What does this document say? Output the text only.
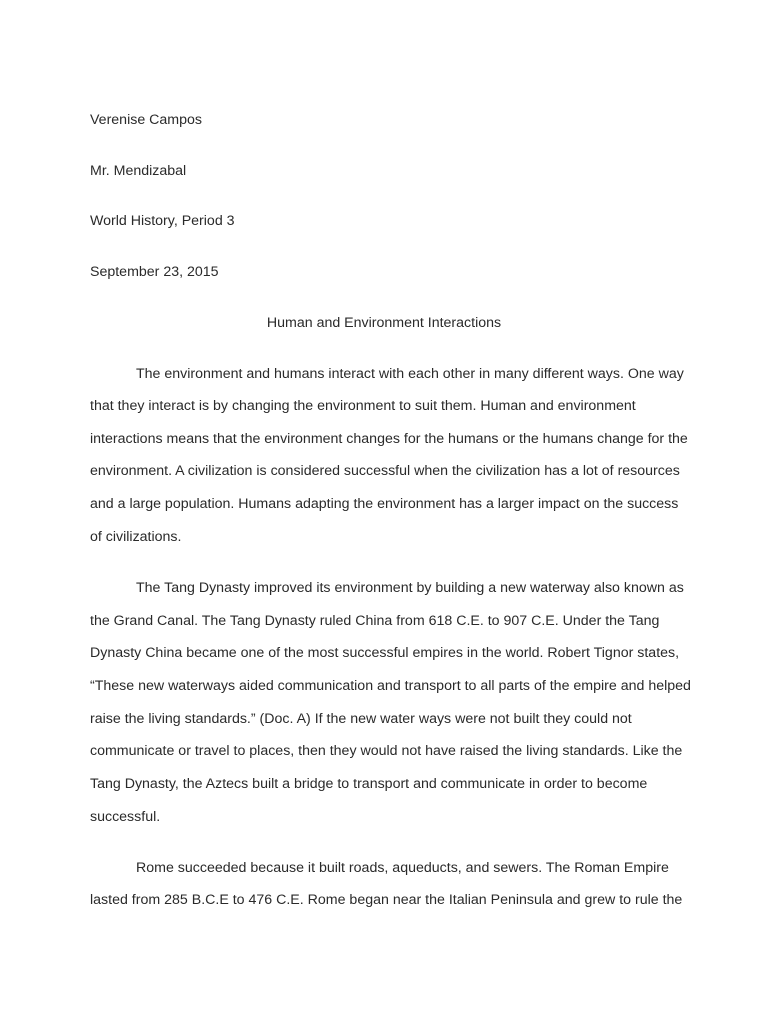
Verenise Campos
Mr. Mendizabal
World History, Period 3
September 23, 2015
Human and Environment Interactions
The environment and humans interact with each other in many different ways. One way
that they interact is by changing the environment to suit them. Human and environment
interactions means that the environment changes for the humans or the humans change for the
environment. A civilization is considered successful when the civilization has a lot of resources
and a large population. Humans adapting the environment has a larger impact on the success
of civilizations.
The Tang Dynasty improved its environment by building a new waterway also known as
the Grand Canal. The Tang Dynasty ruled China from 618 C.E. to 907 C.E. Under the Tang
Dynasty China became one of the most successful empires in the world. Robert Tignor states,
“These new waterways aided communication and transport to all parts of the empire and helped
raise the living standards.” (Doc. A) If the new water ways were not built they could not
communicate or travel to places, then they would not have raised the living standards. Like the
Tang Dynasty, the Aztecs built a bridge to transport and communicate in order to become
successful.
Rome succeeded because it built roads, aqueducts, and sewers. The Roman Empire
lasted from 285 B.C.E to 476 C.E. Rome began near the Italian Peninsula and grew to rule the
